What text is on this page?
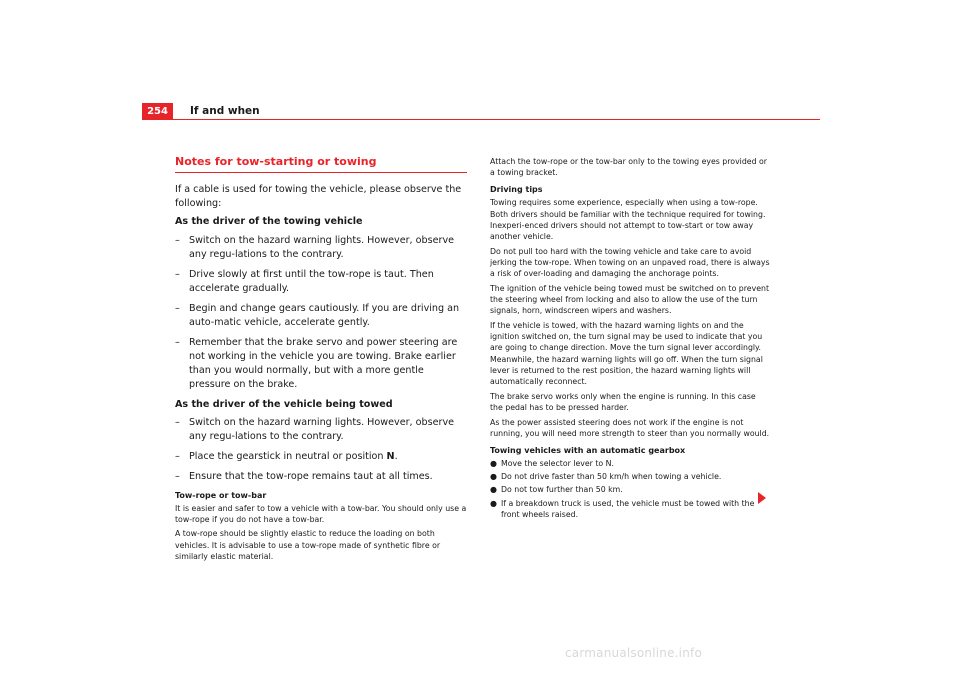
254	If and when
Notes for tow-starting or towing

If a cable is used for towing the vehicle, please observe the following:

As the driver of the towing vehicle

– Switch on the hazard warning lights. However, observe any regu-lations to the contrary.
– Drive slowly at first until the tow-rope is taut. Then accelerate gradually.
– Begin and change gears cautiously. If you are driving an auto-matic vehicle, accelerate gently.
– Remember that the brake servo and power steering are not working in the vehicle you are towing. Brake earlier than you would normally, but with a more gentle pressure on the brake.

As the driver of the vehicle being towed

– Switch on the hazard warning lights. However, observe any regu-lations to the contrary.
– Place the gearstick in neutral or position N.
– Ensure that the tow-rope remains taut at all times.
Tow-rope or tow-bar

It is easier and safer to tow a vehicle with a tow-bar. You should only use a tow-rope if you do not have a tow-bar.

A tow-rope should be slightly elastic to reduce the loading on both vehicles. It is advisable to use a tow-rope made of synthetic fibre or similarly elastic material.

Attach the tow-rope or the tow-bar only to the towing eyes provided or a towing bracket.

Driving tips

Towing requires some experience, especially when using a tow-rope. Both drivers should be familiar with the technique required for towing. Inexperi-enced drivers should not attempt to tow-start or tow away another vehicle.

Do not pull too hard with the towing vehicle and take care to avoid jerking the tow-rope. When towing on an unpaved road, there is always a risk of over-loading and damaging the anchorage points.

The ignition of the vehicle being towed must be switched on to prevent the steering wheel from locking and also to allow the use of the turn signals, horn, windscreen wipers and washers.

If the vehicle is towed, with the hazard warning lights on and the ignition switched on, the turn signal may be used to indicate that you are going to change direction. Move the turn signal lever accordingly. Meanwhile, the hazard warning lights will go off. When the turn signal lever is returned to the rest position, the hazard warning lights will automatically reconnect.

The brake servo works only when the engine is running. In this case the pedal has to be pressed harder.

As the power assisted steering does not work if the engine is not running, you will need more strength to steer than you normally would.

Towing vehicles with an automatic gearbox
● Move the selector lever to N.
● Do not drive faster than 50 km/h when towing a vehicle.
● Do not tow further than 50 km.
● If a breakdown truck is used, the vehicle must be towed with the front wheels raised.
carmanualsonline.info
